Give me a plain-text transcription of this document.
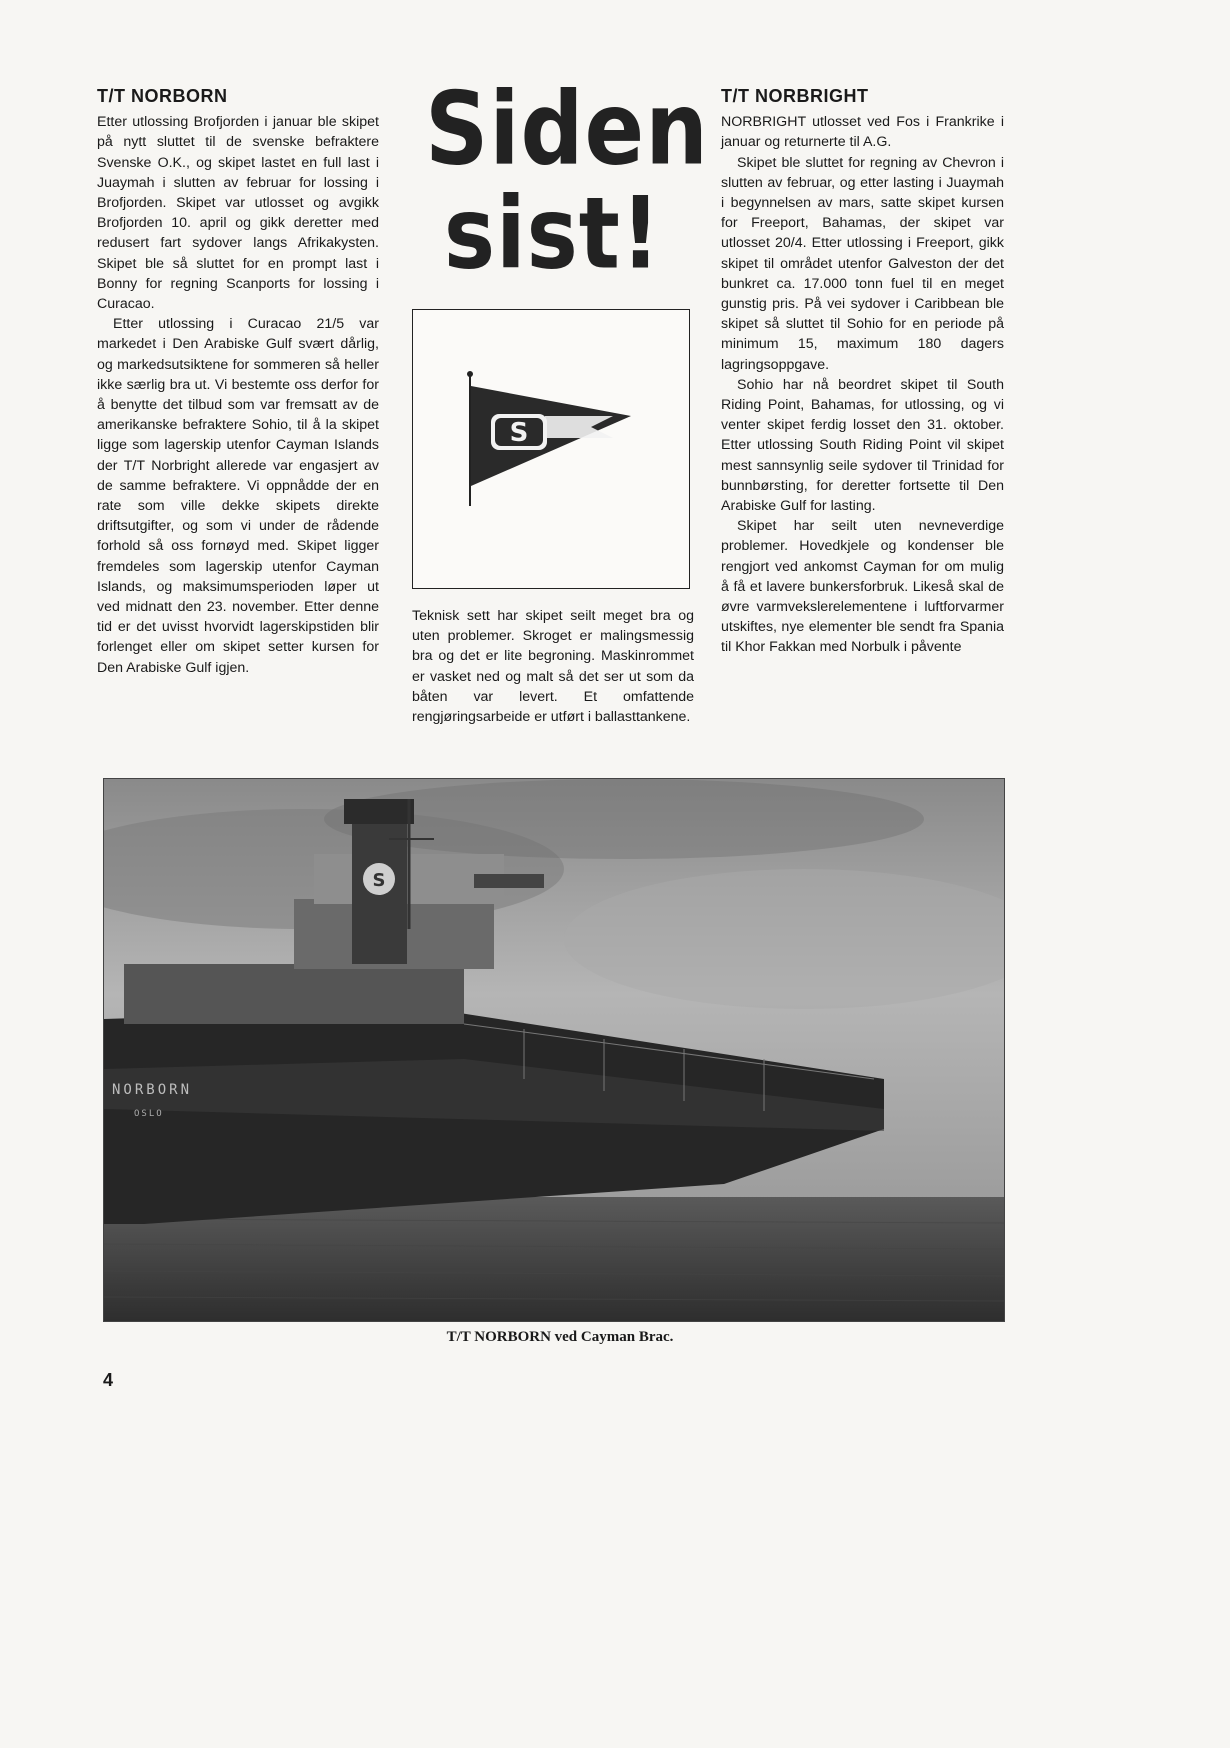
T/T NORBORN

Etter utlossing Brofjorden i januar ble skipet på nytt sluttet til de svenske befraktere Svenske O.K., og skipet lastet en full last i Juaymah i slutten av februar for lossing i Brofjorden. Skipet var utlosset og avgikk Brofjorden 10. april og gikk deretter med redusert fart sydover langs Afrikakysten. Skipet ble så sluttet for en prompt last i Bonny for regning Scanports for lossing i Curacao.

Etter utlossing i Curacao 21/5 var markedet i Den Arabiske Gulf svært dårlig, og markedsutsiktene for sommeren så heller ikke særlig bra ut. Vi bestemte oss derfor for å benytte det tilbud som var fremsatt av de amerikanske befraktere Sohio, til å la skipet ligge som lagerskip utenfor Cayman Islands der T/T Norbright allerede var engasjert av de samme befraktere. Vi oppnådde der en rate som ville dekke skipets direkte driftsutgifter, og som vi under de rådende forhold så oss fornøyd med. Skipet ligger fremdeles som lagerskip utenfor Cayman Islands, og maksimumsperioden løper ut ved midnatt den 23. november. Etter denne tid er det uvisst hvorvidt lagerskipstiden blir forlenget eller om skipet setter kursen for Den Arabiske Gulf igjen.

Siden
sist!
S

Teknisk sett har skipet seilt meget bra og uten problemer. Skroget er malingsmessig bra og det er lite begroning. Maskinrommet er vasket ned og malt så det ser ut som da båten var levert. Et omfattende rengjøringsarbeide er utført i ballasttankene.

T/T NORBRIGHT

NORBRIGHT utlosset ved Fos i Frankrike i januar og returnerte til A.G.

Skipet ble sluttet for regning av Chevron i slutten av februar, og etter lasting i Juaymah i begynnelsen av mars, satte skipet kursen for Freeport, Bahamas, der skipet var utlosset 20/4. Etter utlossing i Freeport, gikk skipet til området utenfor Galveston der det bunkret ca. 17.000 tonn fuel til en meget gunstig pris. På vei sydover i Caribbean ble skipet så sluttet til Sohio for en periode på minimum 15, maximum 180 dagers lagringsoppgave.

Sohio har nå beordret skipet til South Riding Point, Bahamas, for utlossing, og vi venter skipet ferdig losset den 31. oktober. Etter utlossing South Riding Point vil skipet mest sannsynlig seile sydover til Trinidad for bunnbørsting, for deretter fortsette til Den Arabiske Gulf for lasting.

Skipet har seilt uten nevneverdige problemer. Hovedkjele og kondenser ble rengjort ved ankomst Cayman for om mulig å få et lavere bunkersforbruk. Likeså skal de øvre varmvekslerelementene i luftforvarmer utskiftes, nye elementer ble sendt fra Spania til Khor Fakkan med Norbulk i påvente

S
NORBORN
OSLO
T/T NORBORN ved Cayman Brac.
4
